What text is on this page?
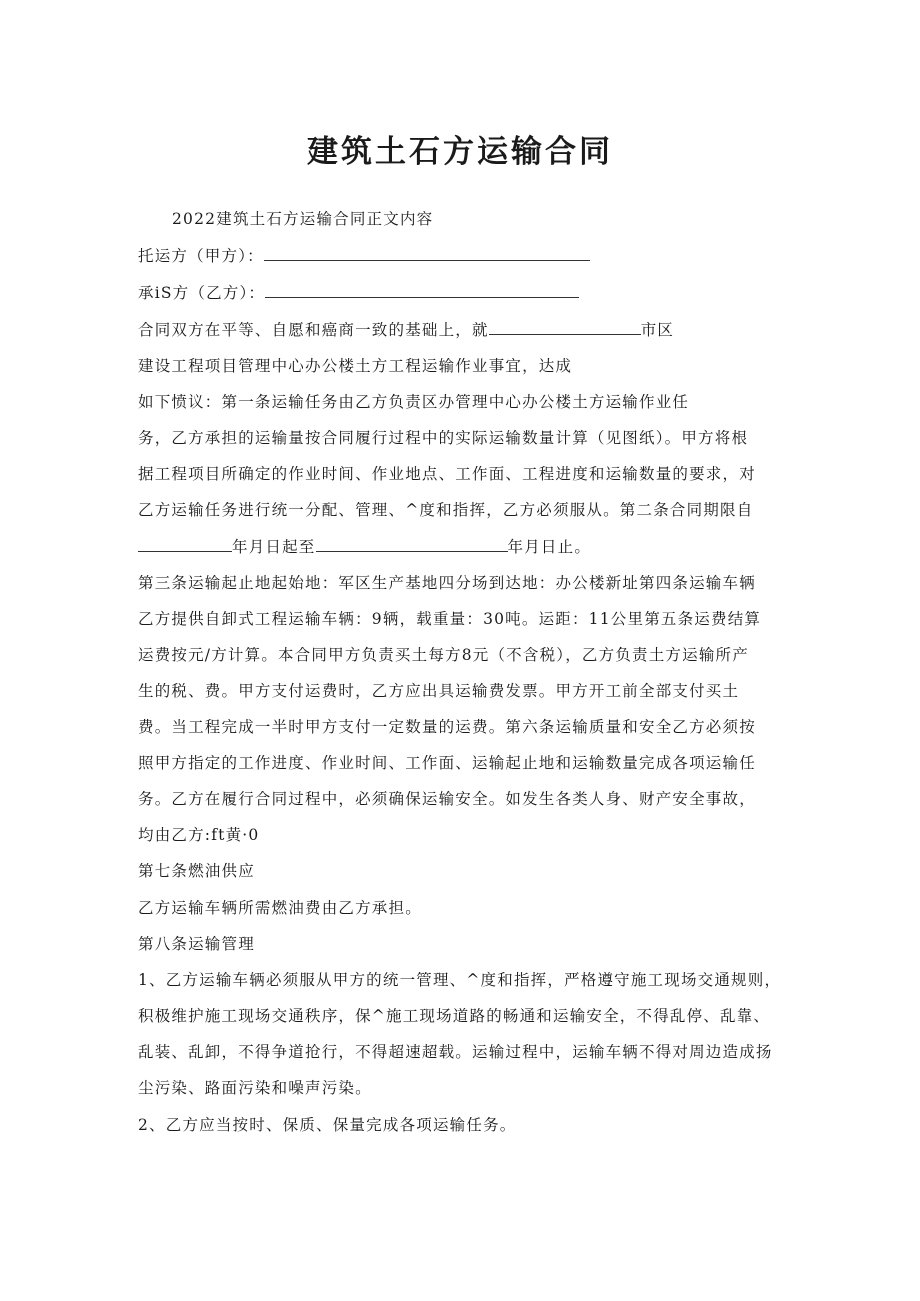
建筑土石方运输合同
2022建筑土石方运输合同正文内容
托运方（甲方）：
承iS方（乙方）：
合同双方在平等、自愿和癌商一致的基础上，就	市区
建设工程项目管理中心办公楼土方工程运输作业事宜，达成
如下愤议：第一条运输任务由乙方负责区办管理中心办公楼土方运输作业任
务，乙方承担的运输量按合同履行过程中的实际运输数量计算（见图纸）。甲方将根
据工程项目所确定的作业时间、作业地点、工作面、工程进度和运输数量的要求，对
乙方运输任务进行统一分配、管理、^度和指挥，乙方必须服从。第二条合同期限自
年月日起至	年月日止。
第三条运输起止地起始地：军区生产基地四分场到达地：办公楼新址第四条运输车辆
乙方提供自卸式工程运输车辆：9辆，载重量：30吨。运距：11公里第五条运费结算
运费按元/方计算。本合同甲方负责买土每方8元（不含税），乙方负责土方运输所产
生的税、费。甲方支付运费时，乙方应出具运输费发票。甲方开工前全部支付买土
费。当工程完成一半时甲方支付一定数量的运费。第六条运输质量和安全乙方必须按
照甲方指定的工作进度、作业时间、工作面、运输起止地和运输数量完成各项运输任
务。乙方在履行合同过程中，必须确保运输安全。如发生各类人身、财产安全事故，
均由乙方:ft黄·0
第七条燃油供应
乙方运输车辆所需燃油费由乙方承担。
第八条运输管理
1、乙方运输车辆必须服从甲方的统一管理、^度和指挥，严格遵守施工现场交通规则，
积极维护施工现场交通秩序，保^施工现场道路的畅通和运输安全，不得乱停、乱靠、
乱装、乱卸，不得争道抢行，不得超速超载。运输过程中，运输车辆不得对周边造成扬
尘污染、路面污染和噪声污染。
2、乙方应当按时、保质、保量完成各项运输任务。
